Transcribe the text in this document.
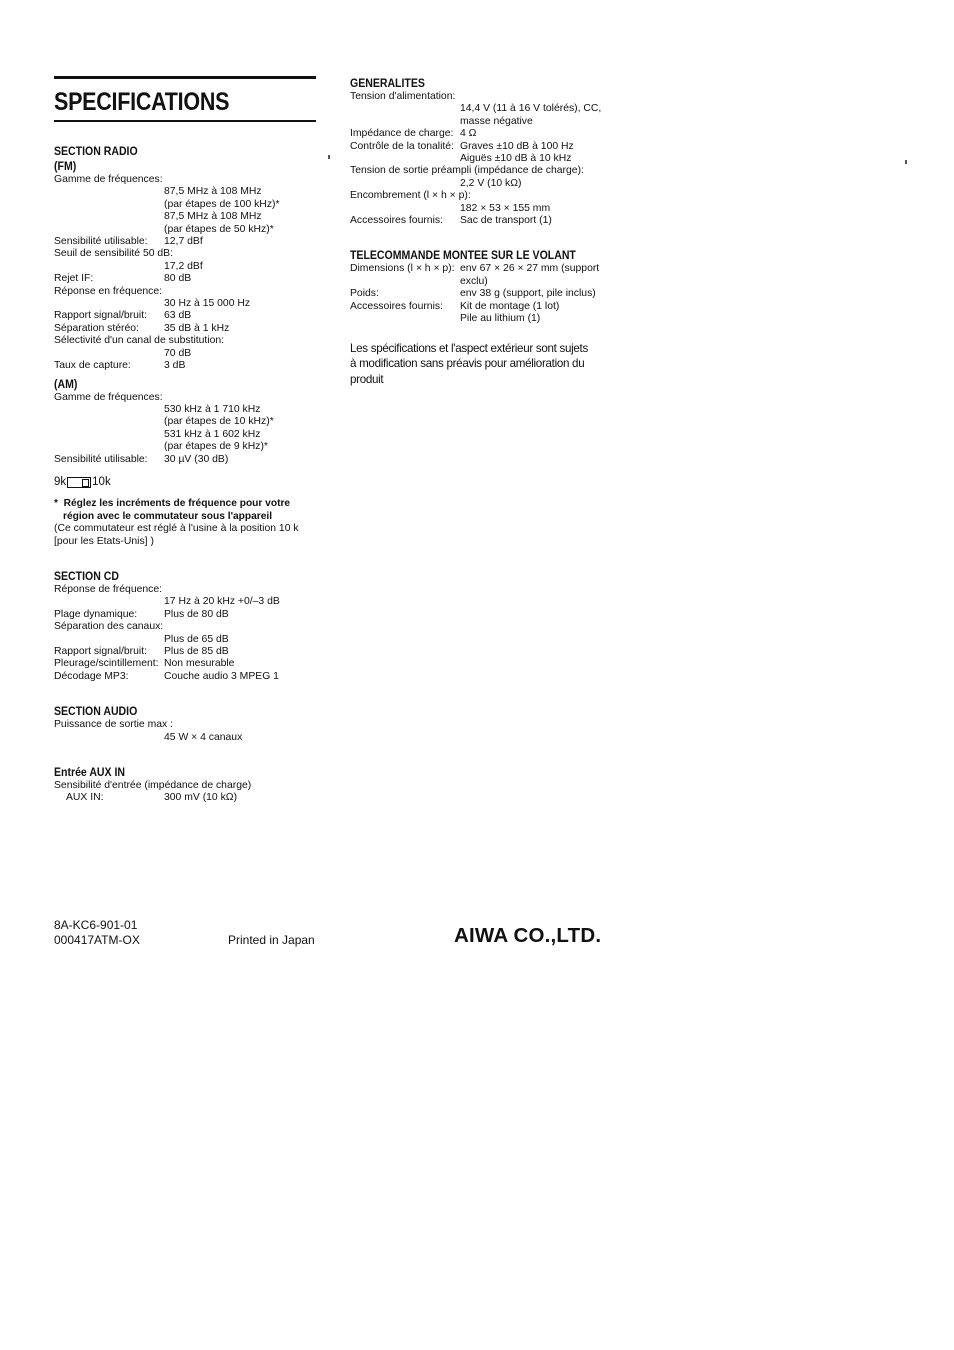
SPECIFICATIONS
SECTION RADIO
(FM)
Gamme de fréquences:
87,5 MHz à 108 MHz
(par étapes de 100 kHz)*
87,5 MHz à 108 MHz
(par étapes de 50 kHz)*
Sensibilité utilisable:	12,7 dBf
Seuil de sensibilité 50 dB:
17,2 dBf
Rejet IF:	80 dB
Réponse en fréquence:
30 Hz à 15 000 Hz
Rapport signal/bruit:	63 dB
Séparation stéréo:	35 dB à 1 kHz
Sélectivité d'un canal de substitution:
70 dB
Taux de capture:	3 dB
(AM)
Gamme de fréquences:
530 kHz à 1 710 kHz
(par étapes de 10 kHz)*
531 kHz à 1 602 kHz
(par étapes de 9 kHz)*
Sensibilité utilisable:	30 µV (30 dB)
9k 10k
* Réglez les incréments de fréquence pour votre
région avec le commutateur sous l'appareil
(Ce commutateur est réglé à l'usine à la position 10 k
[pour les Etats-Unis] )
SECTION CD
Réponse de fréquence:
17 Hz à 20 kHz +0/–3 dB
Plage dynamique:	Plus de 80 dB
Séparation des canaux:
Plus de 65 dB
Rapport signal/bruit:	Plus de 85 dB
Pleurage/scintillement: Non mesurable
Décodage MP3:	Couche audio 3 MPEG 1
SECTION AUDIO
Puissance de sortie max :
45 W × 4 canaux
Entrée AUX IN
Sensibilité d'entrée (impédance de charge)
AUX IN:	300 mV (10 kΩ)
GENERALITES
Tension d'alimentation:
14,4 V (11 à 16 V tolérés), CC,
masse négative
Impédance de charge: 4 Ω
Contrôle de la tonalité: Graves ±10 dB à 100 Hz
Aiguës ±10 dB à 10 kHz
Tension de sortie préampli (impédance de charge):
2,2 V (10 kΩ)
Encombrement (l × h × p):
182 × 53 × 155 mm
Accessoires fournis:	Sac de transport (1)
TELECOMMANDE MONTEE SUR LE VOLANT
Dimensions (l × h × p): env 67 × 26 × 27 mm (support
exclu)
Poids:	env 38 g (support, pile inclus)
Accessoires fournis:	Kit de montage (1 lot)
Pile au lithium (1)
Les spécifications et l'aspect extérieur sont sujets
à modification sans préavis pour amélioration du
produit
8A-KC6-901-01
000417ATM-OX	Printed in Japan	AIWA CO.,LTD.
